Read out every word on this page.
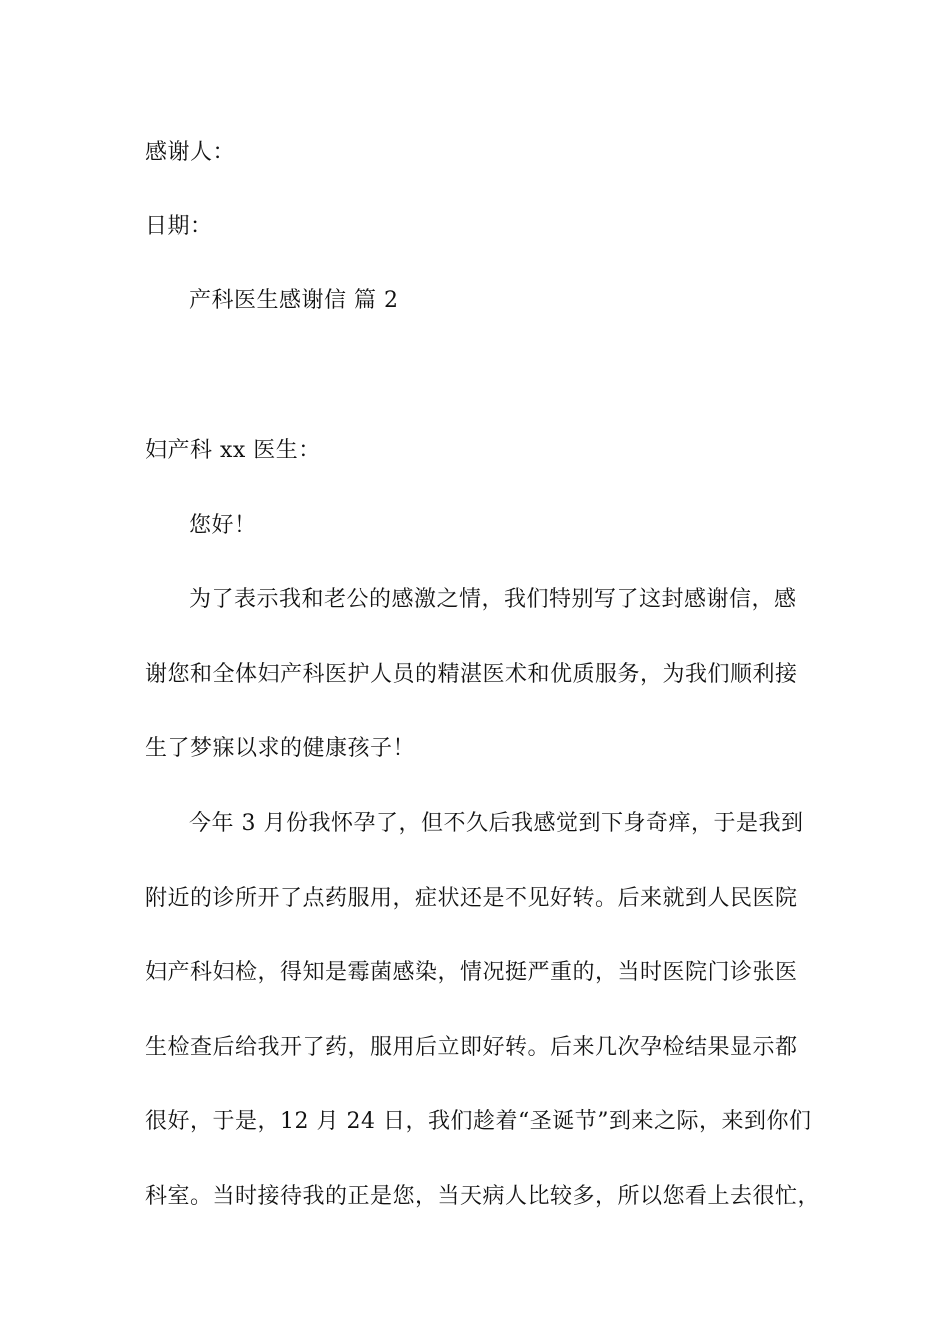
感谢人：
日期：
产科医生感谢信 篇 2
妇产科 xx 医生：
您好！
为了表示我和老公的感激之情，我们特别写了这封感谢信，感
谢您和全体妇产科医护人员的精湛医术和优质服务，为我们顺利接
生了梦寐以求的健康孩子！
今年 3 月份我怀孕了，但不久后我感觉到下身奇痒，于是我到
附近的诊所开了点药服用，症状还是不见好转。后来就到人民医院
妇产科妇检，得知是霉菌感染，情况挺严重的，当时医院门诊张医
生检查后给我开了药，服用后立即好转。后来几次孕检结果显示都
很好，于是，12 月 24 日，我们趁着“圣诞节”到来之际，来到你们
科室。当时接待我的正是您，当天病人比较多，所以您看上去很忙，
